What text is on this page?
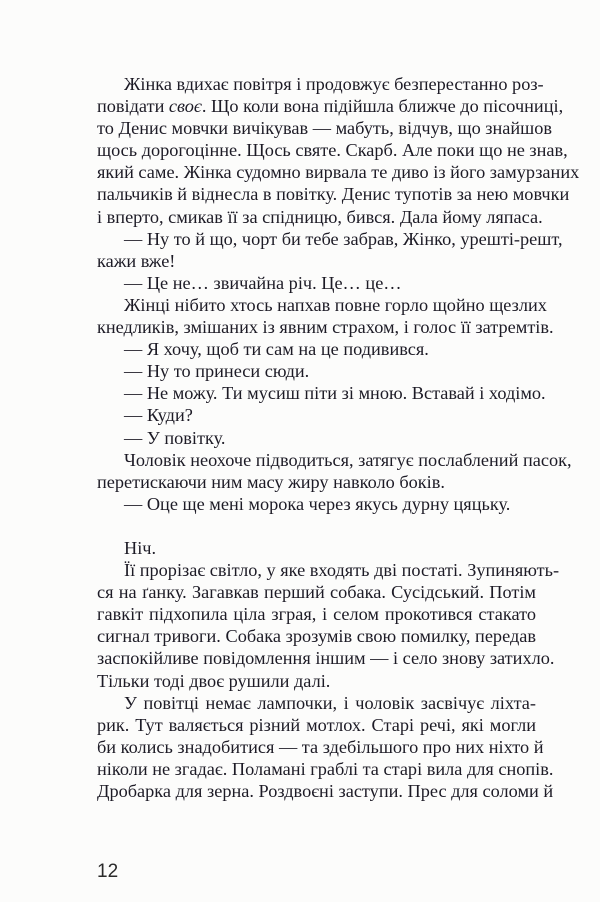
Жінка вдихає повітря і продовжує безперестанно роз-
повідати своє. Що коли вона підійшла ближче до пісочниці,
то Денис мовчки вичікував — мабуть, відчув, що знайшов
щось дорогоцінне. Щось святе. Скарб. Але поки що не знав,
який саме. Жінка судомно вирвала те диво із його замурзаних
пальчиків й віднесла в повітку. Денис тупотів за нею мовчки
і вперто, смикав її за спідницю, бився. Дала йому ляпаса.
— Ну то й що, чорт би тебе забрав, Жінко, урешті-решт,
кажи вже!
— Це не… звичайна річ. Це… це…
Жінці нібито хтось напхав повне горло щойно щезлих
кнедликів, змішаних із явним страхом, і голос її затремтів.
— Я хочу, щоб ти сам на це подивився.
— Ну то принеси сюди.
— Не можу. Ти мусиш піти зі мною. Вставай і ходімо.
— Куди?
— У повітку.
Чоловік неохоче підводиться, затягує послаблений пасок,
перетискаючи ним масу жиру навколо боків.
— Оце ще мені морока через якусь дурну цяцьку.
Ніч.
Її прорізає світло, у яке входять дві постаті. Зупиняють-
ся на ґанку. Загавкав перший собака. Сусідський. Потім
гавкіт підхопила ціла зграя, і селом прокотився стакато
сигнал тривоги. Собака зрозумів свою помилку, передав
заспокійливе повідомлення іншим — і село знову затихло.
Тільки тоді двоє рушили далі.
У повітці немає лампочки, і чоловік засвічує ліхта-
рик. Тут валяється різний мотлох. Старі речі, які могли
би колись знадобитися — та здебільшого про них ніхто й
ніколи не згадає. Поламані граблі та старі вила для снопів.
Дробарка для зерна. Роздвоєні заступи. Прес для соломи й
12
